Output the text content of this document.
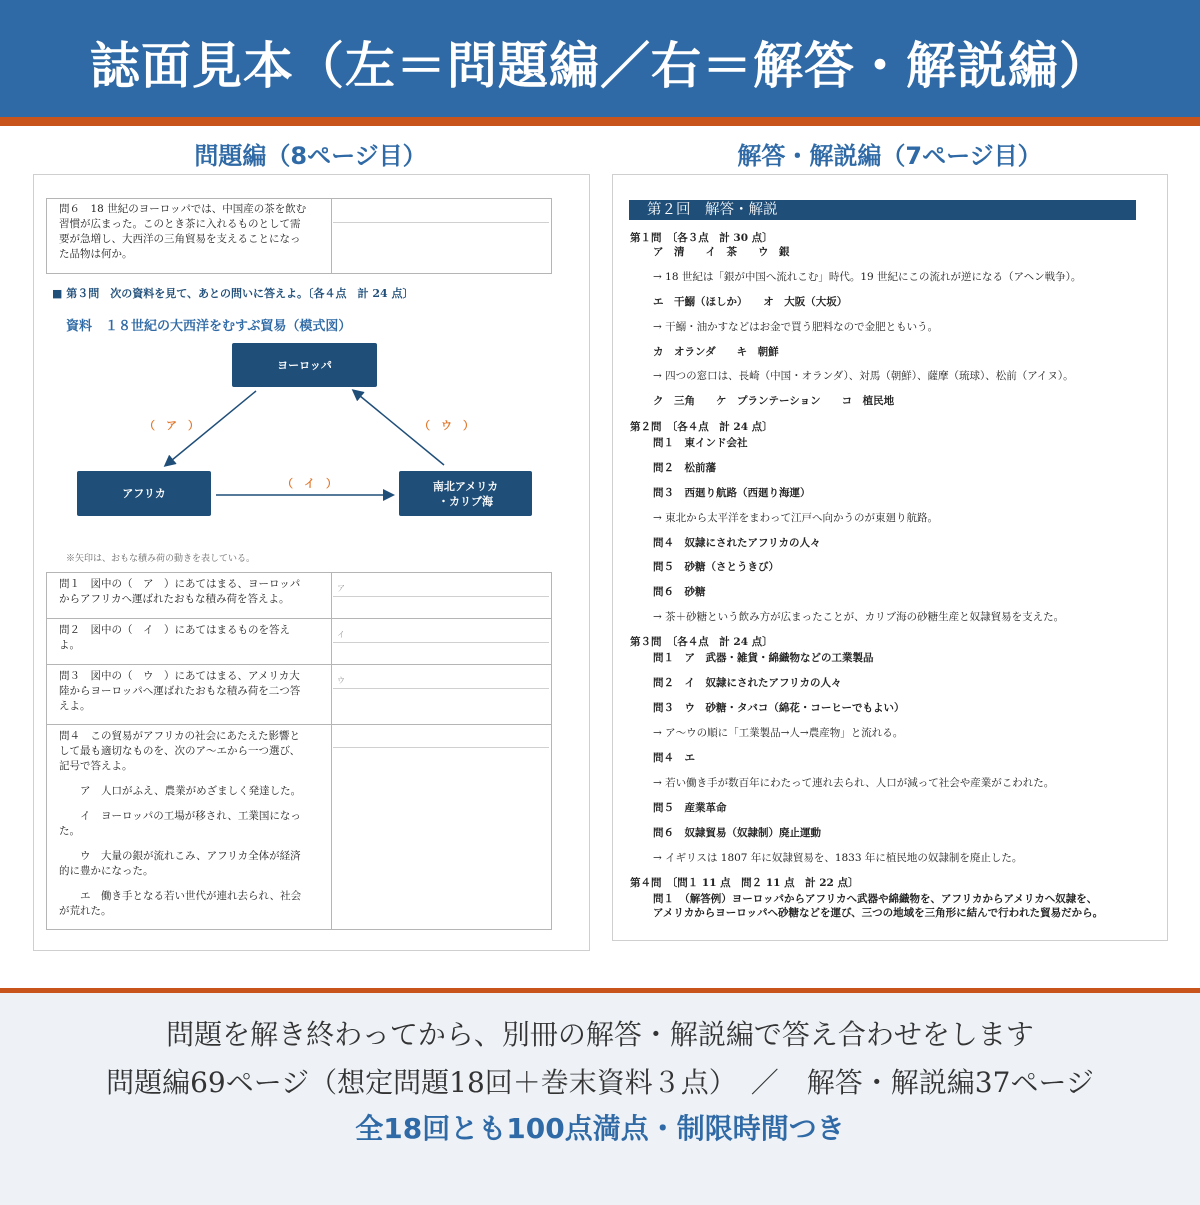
誌面見本（左＝問題編／右＝解答・解説編）
問題編（8ページ目）	解答・解説編（7ページ目）
問６　18 世紀のヨーロッパでは、中国産の茶を飲む
習慣が広まった。このとき茶に入れるものとして需
要が急増し、大西洋の三角貿易を支えることになっ
た品物は何か。
■ 第３問　次の資料を見て、あとの問いに答えよ。〔各４点　計 24 点〕
資料　１８世紀の大西洋をむすぶ貿易（模式図）
ヨーロッパ
アフリカ
南北アメリカ
・カリブ海
（　ア　）
（　イ　）
（　ウ　）
※矢印は、おもな積み荷の動きを表している。
問１　図中の（　ア　）にあてはまる、ヨーロッパ
からアフリカへ運ばれたおもな積み荷を答えよ。
ア
問２　図中の（　イ　）にあてはまるものを答え
よ。
イ
問３　図中の（　ウ　）にあてはまる、アメリカ大
陸からヨーロッパへ運ばれたおもな積み荷を二つ答
えよ。
ウ
問４　この貿易がアフリカの社会にあたえた影響と
して最も適切なものを、次のア〜エから一つ選び、
記号で答えよ。
　　ア　人口がふえ、農業がめざましく発達した。
　　イ　ヨーロッパの工場が移され、工業国になっ
た。
　　ウ　大量の銀が流れこみ、アフリカ全体が経済
的に豊かになった。
　　エ　働き手となる若い世代が連れ去られ、社会
が荒れた。
第２回　解答・解説
第１問　〔各３点　計 30 点〕
ア　清　　イ　茶　　ウ　銀
→ 18 世紀は「銀が中国へ流れこむ」時代。19 世紀にこの流れが逆になる（アヘン戦争）。
エ　干鰯（ほしか）　　オ　大阪（大坂）
→ 干鰯・油かすなどはお金で買う肥料なので金肥ともいう。
カ　オランダ　　キ　朝鮮
→ 四つの窓口は、長崎（中国・オランダ）、対馬（朝鮮）、薩摩（琉球）、松前（アイヌ）。
ク　三角　　ケ　プランテーション　　コ　植民地
第２問　〔各４点　計 24 点〕
問１　東インド会社
問２　松前藩
問３　西廻り航路（西廻り海運）
→ 東北から太平洋をまわって江戸へ向かうのが東廻り航路。
問４　奴隷にされたアフリカの人々
問５　砂糖（さとうきび）
問６　砂糖
→ 茶＋砂糖という飲み方が広まったことが、カリブ海の砂糖生産と奴隷貿易を支えた。
第３問　〔各４点　計 24 点〕
問１　ア　武器・雑貨・綿織物などの工業製品
問２　イ　奴隷にされたアフリカの人々
問３　ウ　砂糖・タバコ（綿花・コーヒーでもよい）
→ ア〜ウの順に「工業製品→人→農産物」と流れる。
問４　エ
→ 若い働き手が数百年にわたって連れ去られ、人口が減って社会や産業がこわれた。
問５　産業革命
問６　奴隷貿易（奴隷制）廃止運動
→ イギリスは 1807 年に奴隷貿易を、1833 年に植民地の奴隷制を廃止した。
第４問　〔問１ 11 点　問２ 11 点　計 22 点〕
問１　（解答例）ヨーロッパからアフリカへ武器や綿織物を、アフリカからアメリカへ奴隷を、
アメリカからヨーロッパへ砂糖などを運び、三つの地域を三角形に結んで行われた貿易だから。
問題を解き終わってから、別冊の解答・解説編で答え合わせをします
問題編69ページ（想定問題18回＋巻末資料３点）　／　解答・解説編37ページ
全18回とも100点満点・制限時間つき
